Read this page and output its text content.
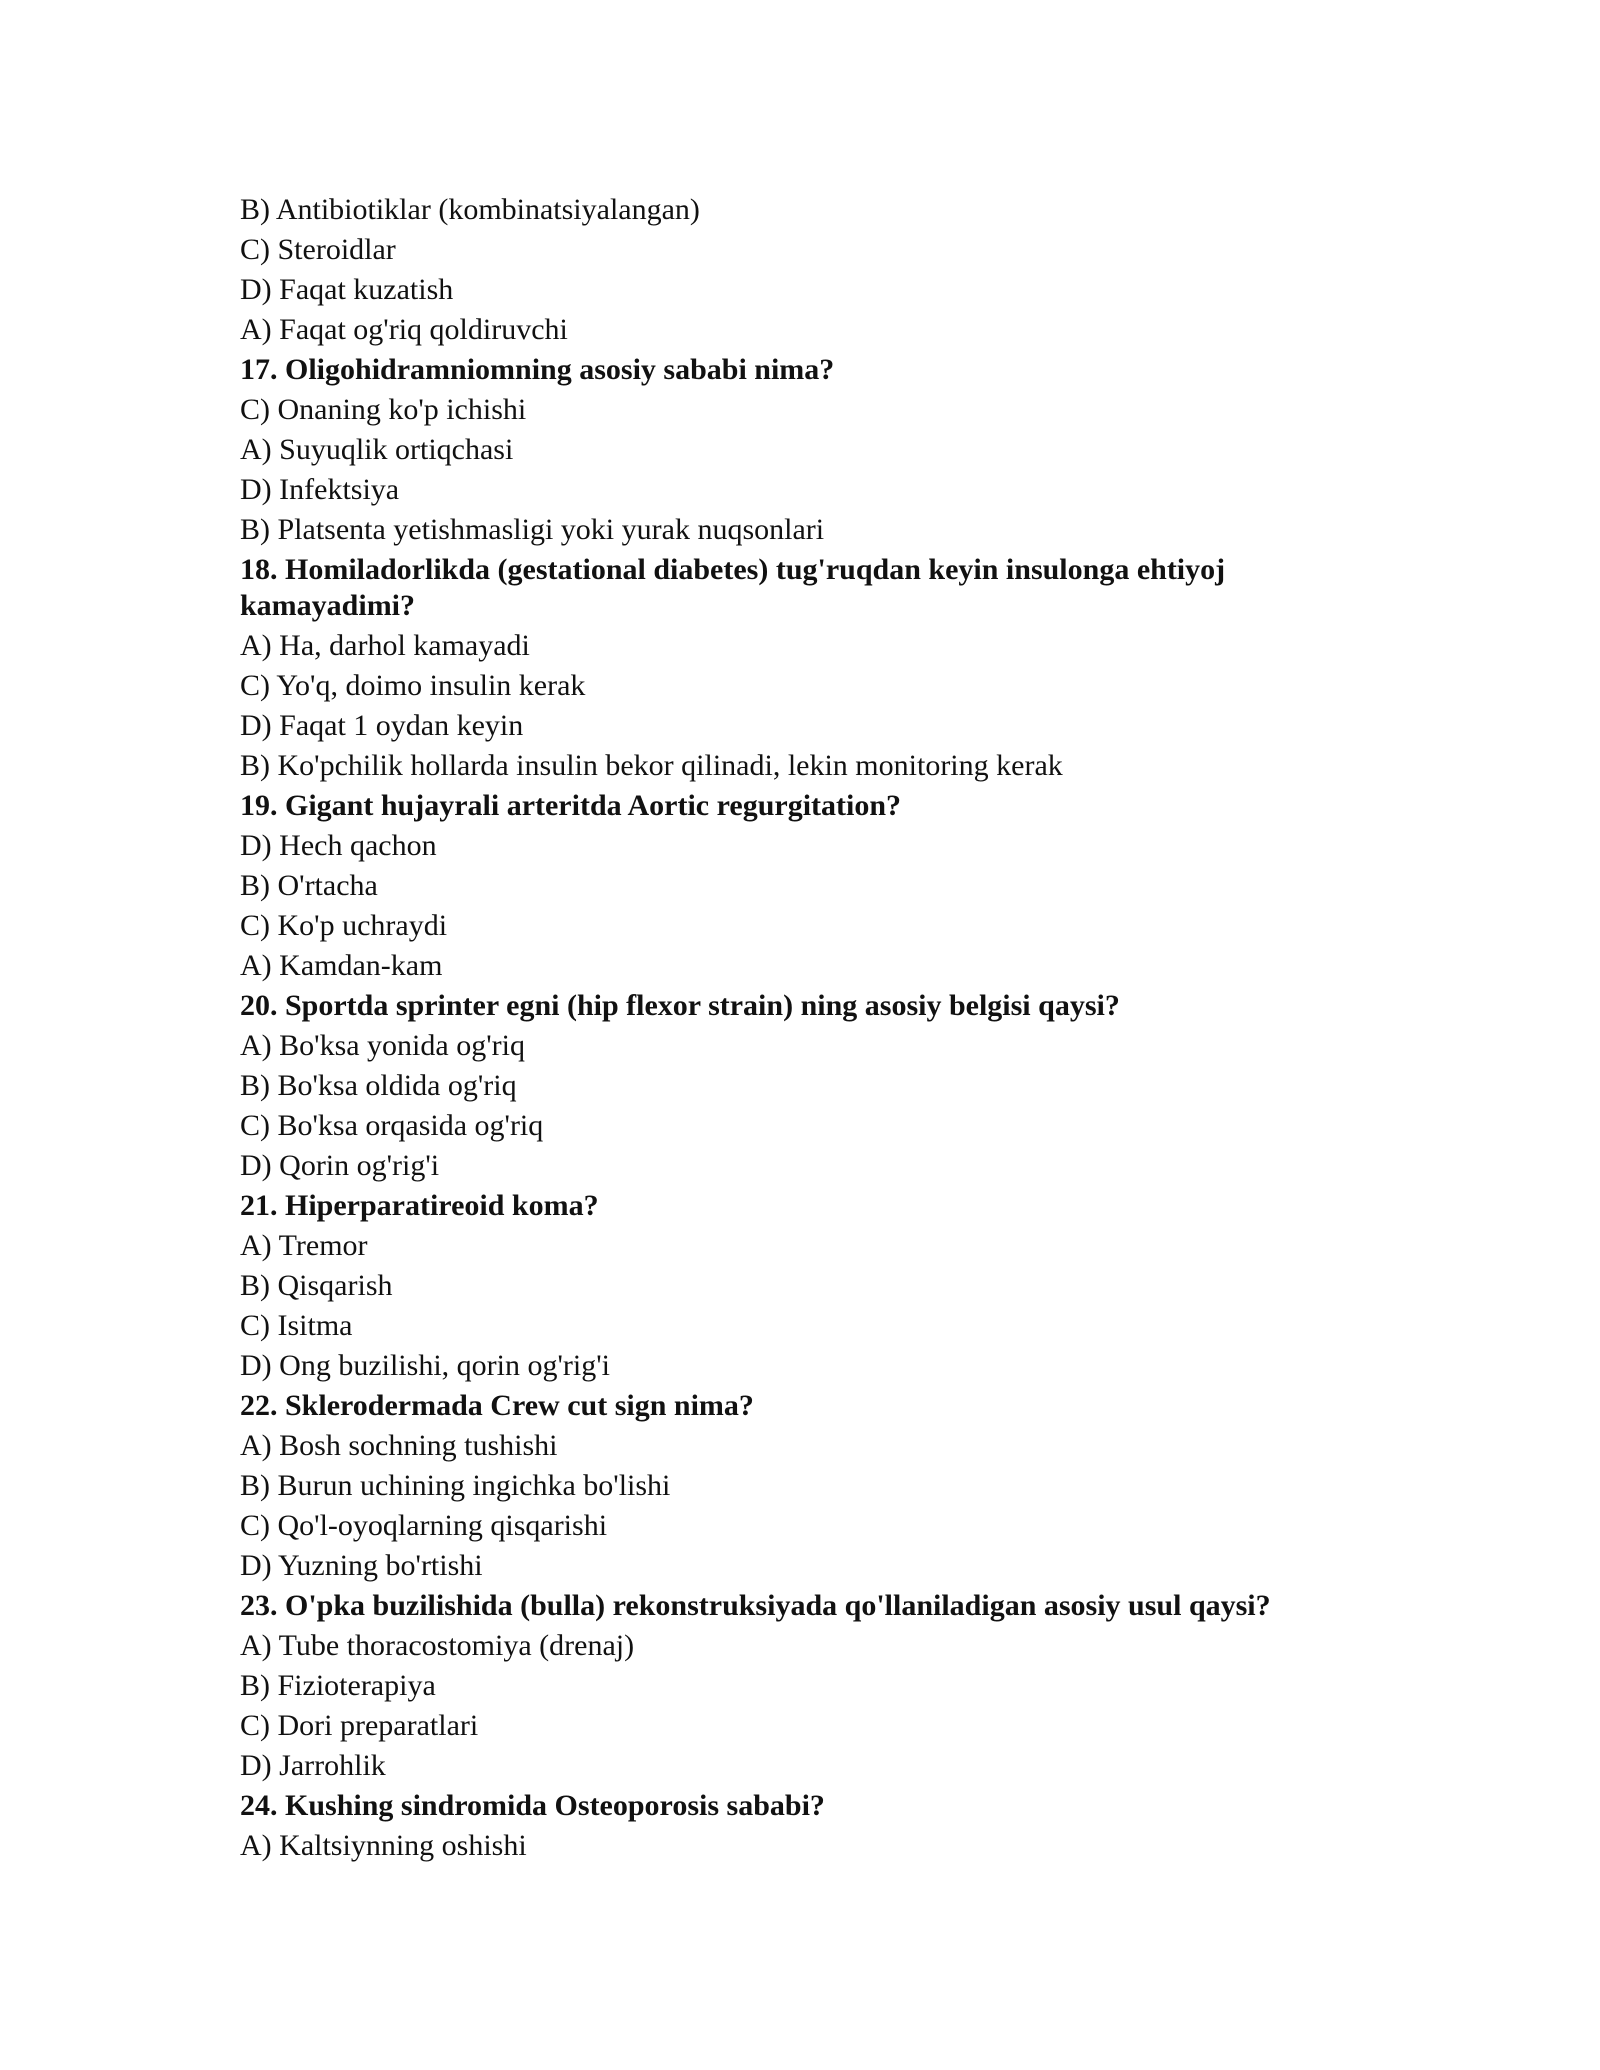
B) Antibiotiklar (kombinatsiyalangan)

C) Steroidlar

D) Faqat kuzatish

A) Faqat og'riq qoldiruvchi

17. Oligohidramniomning asosiy sababi nima?

C) Onaning ko'p ichishi

A) Suyuqlik ortiqchasi

D) Infektsiya

B) Platsenta yetishmasligi yoki yurak nuqsonlari

18. Homiladorlikda (gestational diabetes) tug'ruqdan keyin insulonga ehtiyoj kamayadimi?

A) Ha, darhol kamayadi

C) Yo'q, doimo insulin kerak

D) Faqat 1 oydan keyin

B) Ko'pchilik hollarda insulin bekor qilinadi, lekin monitoring kerak

19. Gigant hujayrali arteritda Aortic regurgitation?

D) Hech qachon

B) O'rtacha

C) Ko'p uchraydi

A) Kamdan-kam

20. Sportda sprinter egni (hip flexor strain) ning asosiy belgisi qaysi?

A) Bo'ksa yonida og'riq

B) Bo'ksa oldida og'riq

C) Bo'ksa orqasida og'riq

D) Qorin og'rig'i

21. Hiperparatireoid koma?

A) Tremor

B) Qisqarish

C) Isitma

D) Ong buzilishi, qorin og'rig'i

22. Sklerodermada Crew cut sign nima?

A) Bosh sochning tushishi

B) Burun uchining ingichka bo'lishi

C) Qo'l-oyoqlarning qisqarishi

D) Yuzning bo'rtishi

23. O'pka buzilishida (bulla) rekonstruksiyada qo'llaniladigan asosiy usul qaysi?

A) Tube thoracostomiya (drenaj)

B) Fizioterapiya

C) Dori preparatlari

D) Jarrohlik

24. Kushing sindromida Osteoporosis sababi?

A) Kaltsiynning oshishi
